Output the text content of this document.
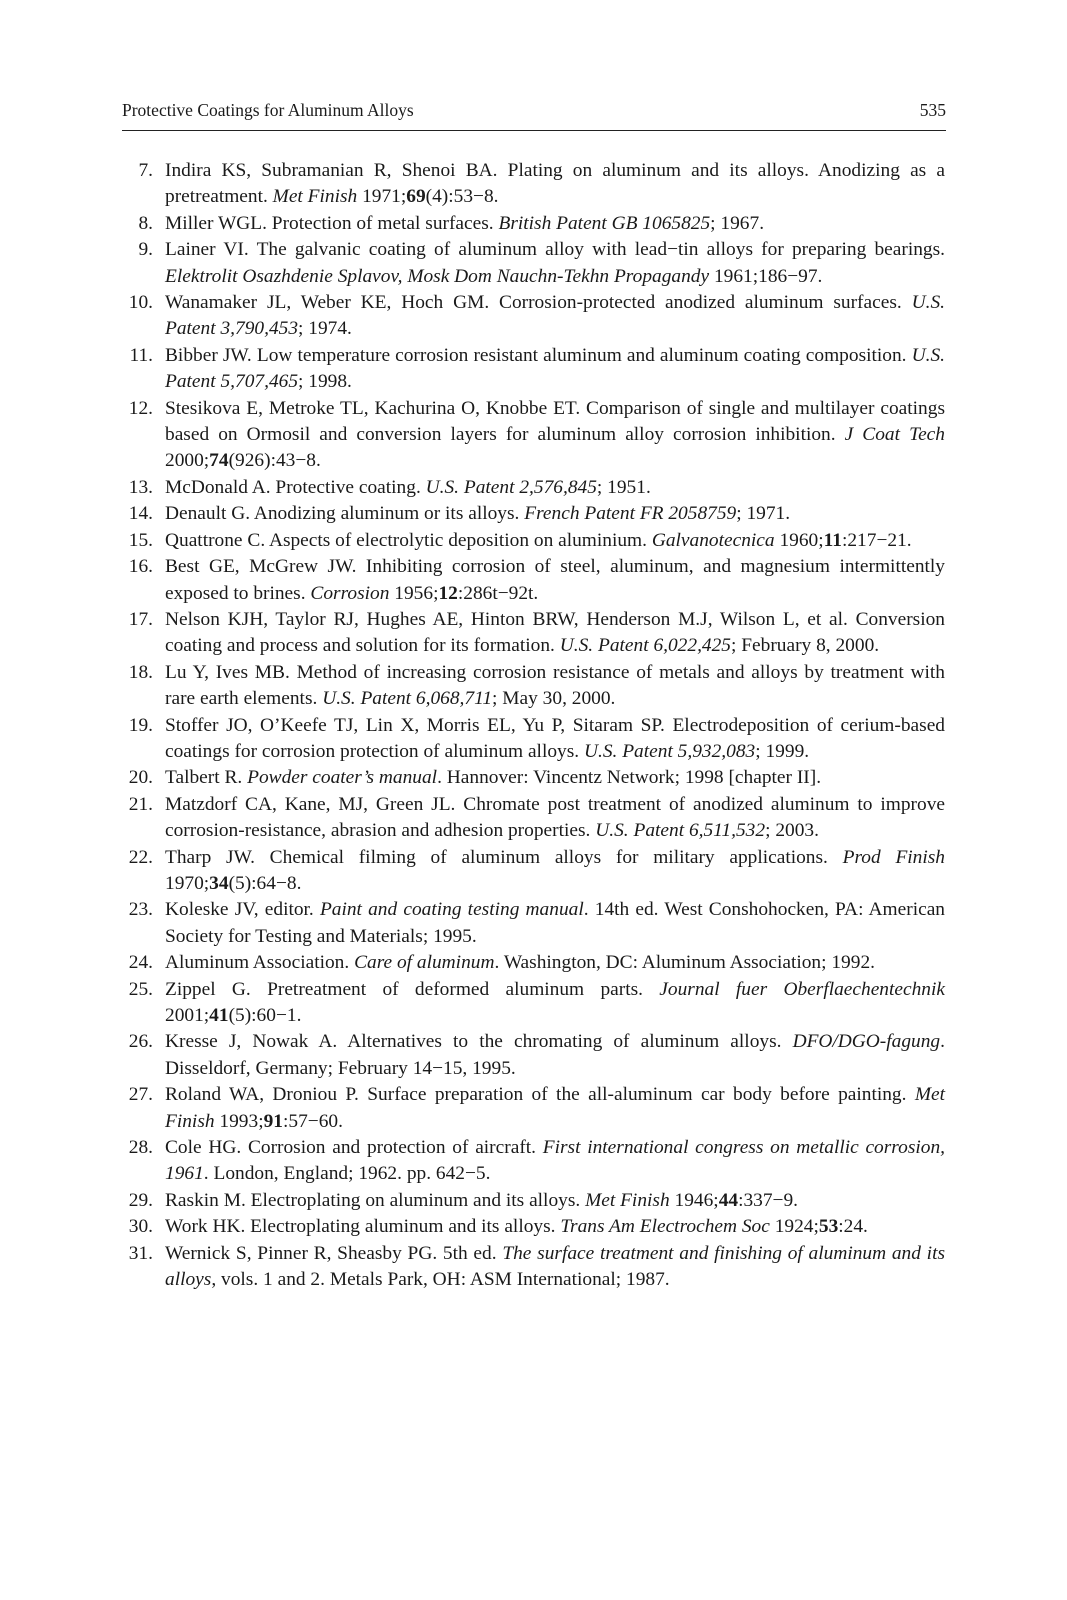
Protective Coatings for Aluminum Alloys	535
7. Indira KS, Subramanian R, Shenoi BA. Plating on aluminum and its alloys. Anodizing as a pretreatment. Met Finish 1971;69(4):53−8.
8. Miller WGL. Protection of metal surfaces. British Patent GB 1065825; 1967.
9. Lainer VI. The galvanic coating of aluminum alloy with lead−tin alloys for preparing bearings. Elektrolit Osazhdenie Splavov, Mosk Dom Nauchn-Tekhn Propagandy 1961;186−97.
10. Wanamaker JL, Weber KE, Hoch GM. Corrosion-protected anodized aluminum surfaces. U.S. Patent 3,790,453; 1974.
11. Bibber JW. Low temperature corrosion resistant aluminum and aluminum coating composition. U.S. Patent 5,707,465; 1998.
12. Stesikova E, Metroke TL, Kachurina O, Knobbe ET. Comparison of single and multilayer coatings based on Ormosil and conversion layers for aluminum alloy corrosion inhibition. J Coat Tech 2000;74(926):43−8.
13. McDonald A. Protective coating. U.S. Patent 2,576,845; 1951.
14. Denault G. Anodizing aluminum or its alloys. French Patent FR 2058759; 1971.
15. Quattrone C. Aspects of electrolytic deposition on aluminium. Galvanotecnica 1960;11:217−21.
16. Best GE, McGrew JW. Inhibiting corrosion of steel, aluminum, and magnesium intermittently exposed to brines. Corrosion 1956;12:286t−92t.
17. Nelson KJH, Taylor RJ, Hughes AE, Hinton BRW, Henderson M.J, Wilson L, et al. Conversion coating and process and solution for its formation. U.S. Patent 6,022,425; February 8, 2000.
18. Lu Y, Ives MB. Method of increasing corrosion resistance of metals and alloys by treatment with rare earth elements. U.S. Patent 6,068,711; May 30, 2000.
19. Stoffer JO, O’Keefe TJ, Lin X, Morris EL, Yu P, Sitaram SP. Electrodeposition of cerium-based coatings for corrosion protection of aluminum alloys. U.S. Patent 5,932,083; 1999.
20. Talbert R. Powder coater’s manual. Hannover: Vincentz Network; 1998 [chapter II].
21. Matzdorf CA, Kane, MJ, Green JL. Chromate post treatment of anodized aluminum to improve corrosion-resistance, abrasion and adhesion properties. U.S. Patent 6,511,532; 2003.
22. Tharp JW. Chemical filming of aluminum alloys for military applications. Prod Finish 1970;34(5):64−8.
23. Koleske JV, editor. Paint and coating testing manual. 14th ed. West Conshohocken, PA: American Society for Testing and Materials; 1995.
24. Aluminum Association. Care of aluminum. Washington, DC: Aluminum Association; 1992.
25. Zippel G. Pretreatment of deformed aluminum parts. Journal fuer Oberflaechentechnik 2001;41(5):60−1.
26. Kresse J, Nowak A. Alternatives to the chromating of aluminum alloys. DFO/DGO-fagung. Disseldorf, Germany; February 14−15, 1995.
27. Roland WA, Droniou P. Surface preparation of the all-aluminum car body before painting. Met Finish 1993;91:57−60.
28. Cole HG. Corrosion and protection of aircraft. First international congress on metallic corrosion, 1961. London, England; 1962. pp. 642−5.
29. Raskin M. Electroplating on aluminum and its alloys. Met Finish 1946;44:337−9.
30. Work HK. Electroplating aluminum and its alloys. Trans Am Electrochem Soc 1924;53:24.
31. Wernick S, Pinner R, Sheasby PG. 5th ed. The surface treatment and finishing of aluminum and its alloys, vols. 1 and 2. Metals Park, OH: ASM International; 1987.
